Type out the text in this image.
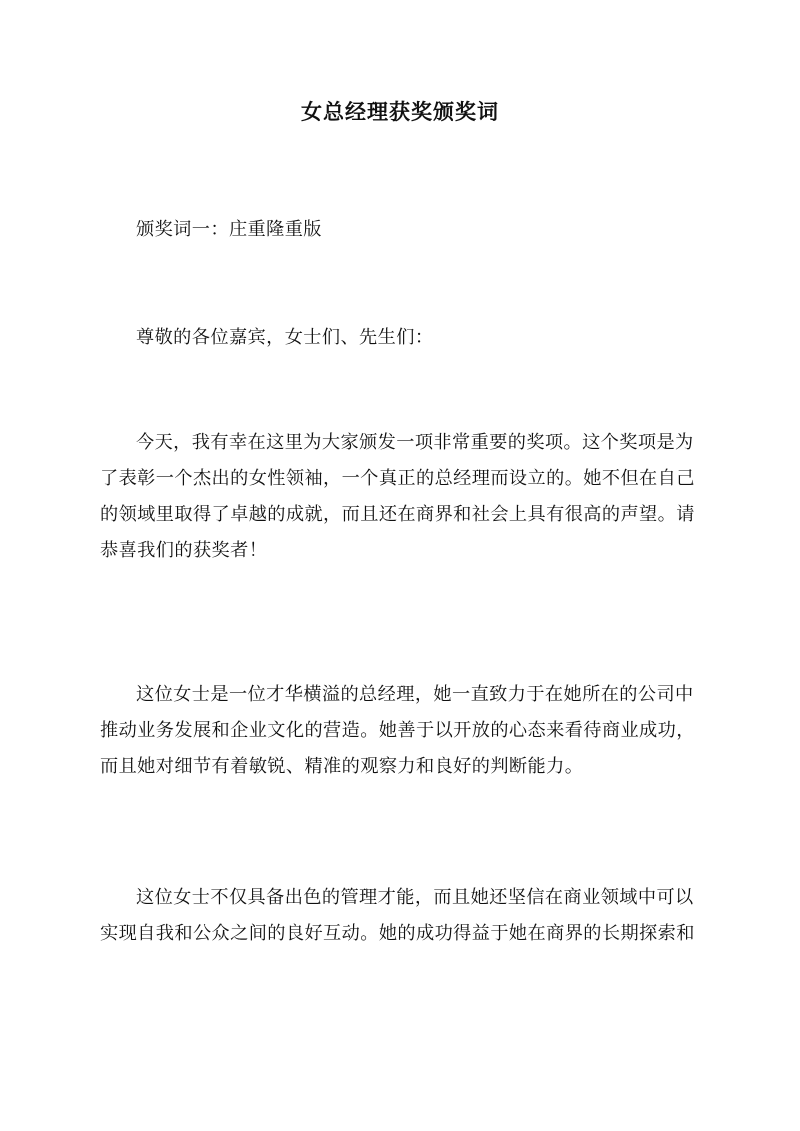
女总经理获奖颁奖词
颁奖词一：庄重隆重版
尊敬的各位嘉宾，女士们、先生们：
今天，我有幸在这里为大家颁发一项非常重要的奖项。这个奖项是为
了表彰一个杰出的女性领袖，一个真正的总经理而设立的。她不但在自己
的领域里取得了卓越的成就，而且还在商界和社会上具有很高的声望。请
恭喜我们的获奖者！
这位女士是一位才华横溢的总经理，她一直致力于在她所在的公司中
推动业务发展和企业文化的营造。她善于以开放的心态来看待商业成功，
而且她对细节有着敏锐、精准的观察力和良好的判断能力。
这位女士不仅具备出色的管理才能，而且她还坚信在商业领域中可以
实现自我和公众之间的良好互动。她的成功得益于她在商界的长期探索和
